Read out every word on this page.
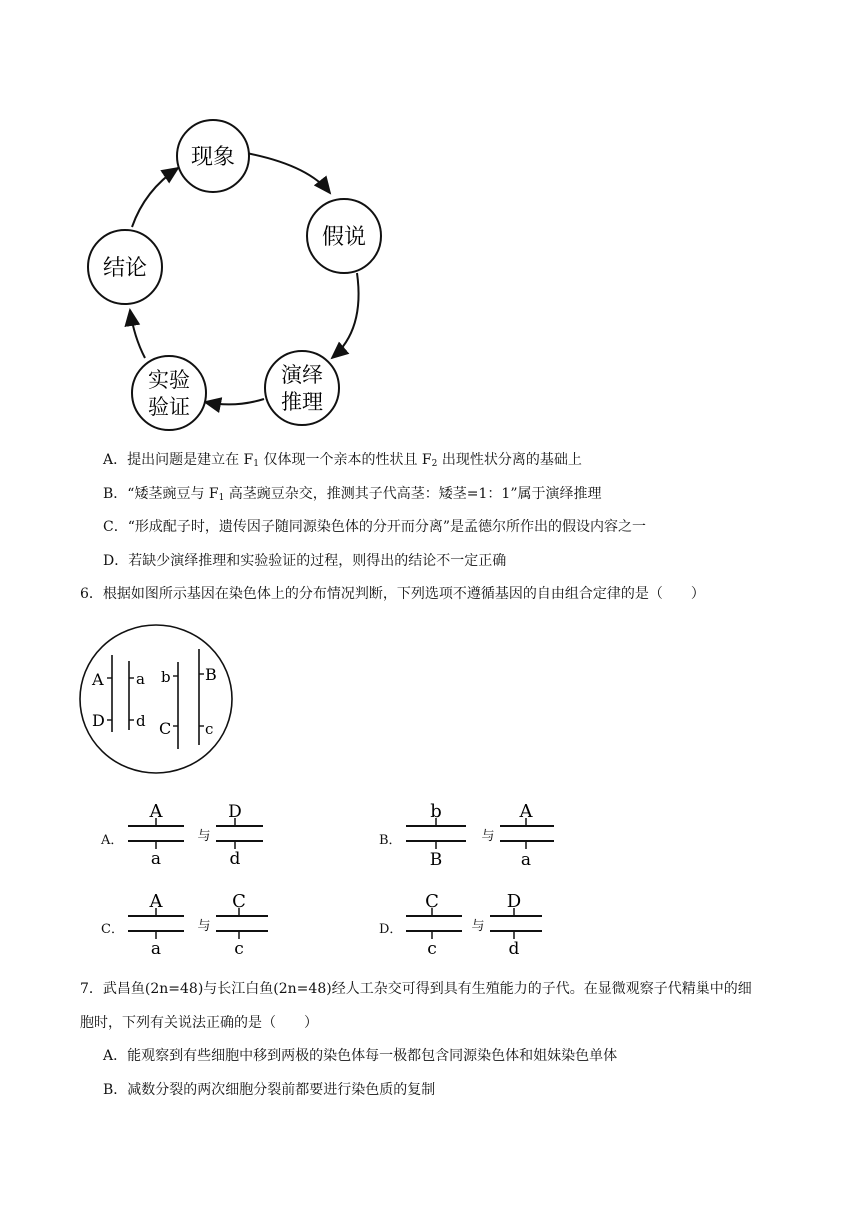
现象
假说
演绎
推理
实验
验证
结论
A．提出问题是建立在 $F_1$ 仅体现一个亲本的性状且 $F_2$ 出现性状分离的基础上
B．“矮茎豌豆与 $F_1$ 高茎豌豆杂交，推测其子代高茎：矮茎=1：1”属于演绎推理
C．“形成配子时，遗传因子随同源染色体的分开而分离”是孟德尔所作出的假设内容之一
D．若缺少演绎推理和实验验证的过程，则得出的结论不一定正确
6．根据如图所示基因在染色体上的分布情况判断，下列选项不遵循基因的自由组合定律的是（　　）
A a
D d
b B
C c
A．
A
a
与
D
d
B．
b
B
与
A
a
C．
A
a
与
C
c
D．
C
c
与
D
d
7．武昌鱼(2n=48)与长江白鱼(2n=48)经人工杂交可得到具有生殖能力的子代。在显微观察子代精巢中的细
胞时，下列有关说法正确的是（　　）
A．能观察到有些细胞中移到两极的染色体每一极都包含同源染色体和姐妹染色单体
B．减数分裂的两次细胞分裂前都要进行染色质的复制
